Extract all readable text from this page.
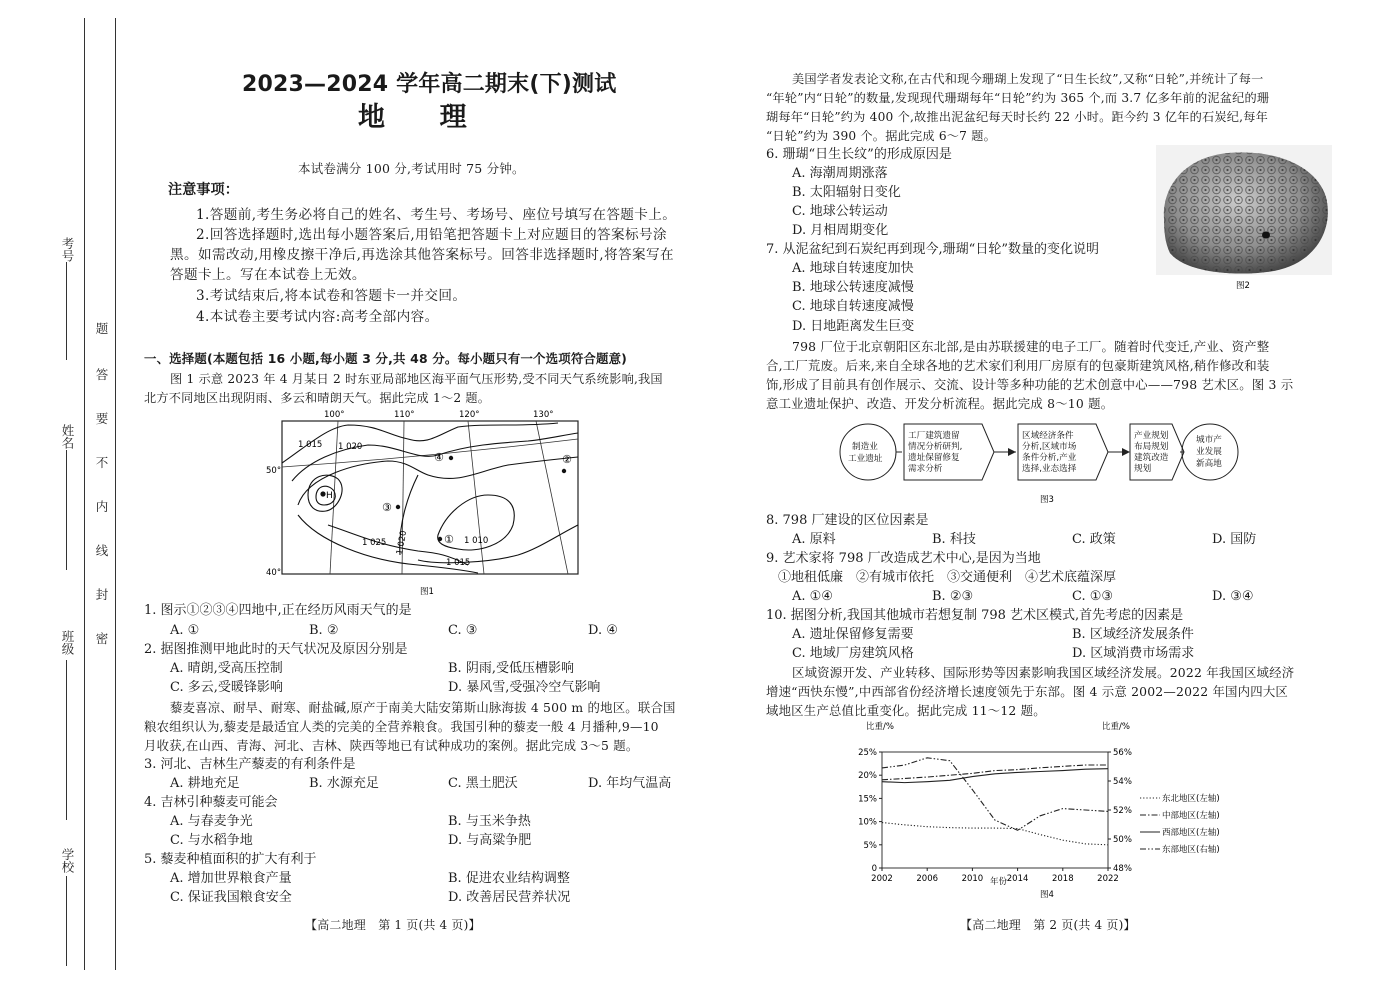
考号
姓名
班级
学校
题
答
要
不
内
线
封
密
2023—2024 学年高二期末(下)测试
地　　理
本试卷满分 100 分,考试用时 75 分钟。
注意事项：
1.答题前,考生务必将自己的姓名、考生号、考场号、座位号填写在答题卡上。
2.回答选择题时,选出每小题答案后,用铅笔把答题卡上对应题目的答案标号涂
黑。如需改动,用橡皮擦干净后,再选涂其他答案标号。回答非选择题时,将答案写在
答题卡上。写在本试卷上无效。
3.考试结束后,将本试卷和答题卡一并交回。
4.本试卷主要考试内容:高考全部内容。
一、选择题(本题包括 16 小题,每小题 3 分,共 48 分。每小题只有一个选项符合题意)
图 1 示意 2023 年 4 月某日 2 时东亚局部地区海平面气压形势,受不同天气系统影响,我国
北方不同地区出现阴雨、多云和晴朗天气。据此完成 1～2 题。
100°	110°	120°	130°
50°
40°
1 015 1 020
1 025 1 020
1 015
1 010
H
③
④	②
①
图1
1. 图示①②③④四地中,正在经历风雨天气的是
A. ①	B. ②	C. ③	D. ④
2. 据图推测甲地此时的天气状况及原因分别是
A. 晴朗,受高压控制	B. 阴雨,受低压槽影响
C. 多云,受暖锋影响	D. 暴风雪,受强冷空气影响
藜麦喜凉、耐旱、耐寒、耐盐碱,原产于南美大陆安第斯山脉海拔 4 500 m 的地区。联合国
粮农组织认为,藜麦是最适宜人类的完美的全营养粮食。我国引种的藜麦一般 4 月播种,9—10
月收获,在山西、青海、河北、吉林、陕西等地已有试种成功的案例。据此完成 3～5 题。
3. 河北、吉林生产藜麦的有利条件是
A. 耕地充足	B. 水源充足	C. 黑土肥沃	D. 年均气温高
4. 吉林引种藜麦可能会
A. 与春麦争光	B. 与玉米争热
C. 与水稻争地	D. 与高粱争肥
5. 藜麦种植面积的扩大有利于
A. 增加世界粮食产量	B. 促进农业结构调整
C. 保证我国粮食安全	D. 改善居民营养状况
【高二地理　第 1 页(共 4 页)】
美国学者发表论文称,在古代和现今珊瑚上发现了“日生长纹”,又称“日轮”,并统计了每一
“年轮”内“日轮”的数量,发现现代珊瑚每年“日轮”约为 365 个,而 3.7 亿多年前的泥盆纪的珊
瑚每年“日轮”约为 400 个,故推出泥盆纪每天时长约 22 小时。距今约 3 亿年的石炭纪,每年
“日轮”约为 390 个。据此完成 6～7 题。
6. 珊瑚“日生长纹”的形成原因是
A. 海潮周期涨落
B. 太阳辐射日变化
C. 地球公转运动
D. 月相周期变化
7. 从泥盆纪到石炭纪再到现今,珊瑚“日轮”数量的变化说明
A. 地球自转速度加快
B. 地球公转速度减慢
C. 地球自转速度减慢
D. 日地距离发生巨变
图2
798 厂位于北京朝阳区东北部,是由苏联援建的电子工厂。随着时代变迁,产业、资产整
合,工厂荒废。后来,来自全球各地的艺术家们利用厂房原有的包豪斯建筑风格,稍作修改和装
饰,形成了目前具有创作展示、交流、设计等多种功能的艺术创意中心——798 艺术区。图 3 示
意工业遗址保护、改造、开发分析流程。据此完成 8～10 题。
制造业
工业遗址
工厂建筑遗留
情况分析研判,
遗址保留修复
需求分析
区域经济条件
分析,区域市场
条件分析,产业
选择,业态选择
产业规划
布局规划
建筑改造
规划
城市产
业发展
新高地
图3
8. 798 厂建设的区位因素是
A. 原料	B. 科技	C. 政策	D. 国防
9. 艺术家将 798 厂改造成艺术中心,是因为当地
①地租低廉　②有城市依托　③交通便利　④艺术底蕴深厚
A. ①④	B. ②③	C. ①③	D. ③④
10. 据图分析,我国其他城市若想复制 798 艺术区模式,首先考虑的因素是
A. 遗址保留修复需要	B. 区域经济发展条件
C. 地域厂房建筑风格	D. 区域消费市场需求
区域资源开发、产业转移、国际形势等因素影响我国区域经济发展。2022 年我国区域经济
增速“西快东慢”,中西部省份经济增长速度领先于东部。图 4 示意 2002—2022 年国内四大区
域地区生产总值比重变化。据此完成 11～12 题。
比重/%	比重/%
年份
图4
0
5%
10%
15%
20%
25%
48%
50%
52%
54%
56%
2002	2006	2010	2014	2018	2022
东北地区(左轴)
中部地区(左轴)
西部地区(左轴)
东部地区(右轴)
【高二地理　第 2 页(共 4 页)】
